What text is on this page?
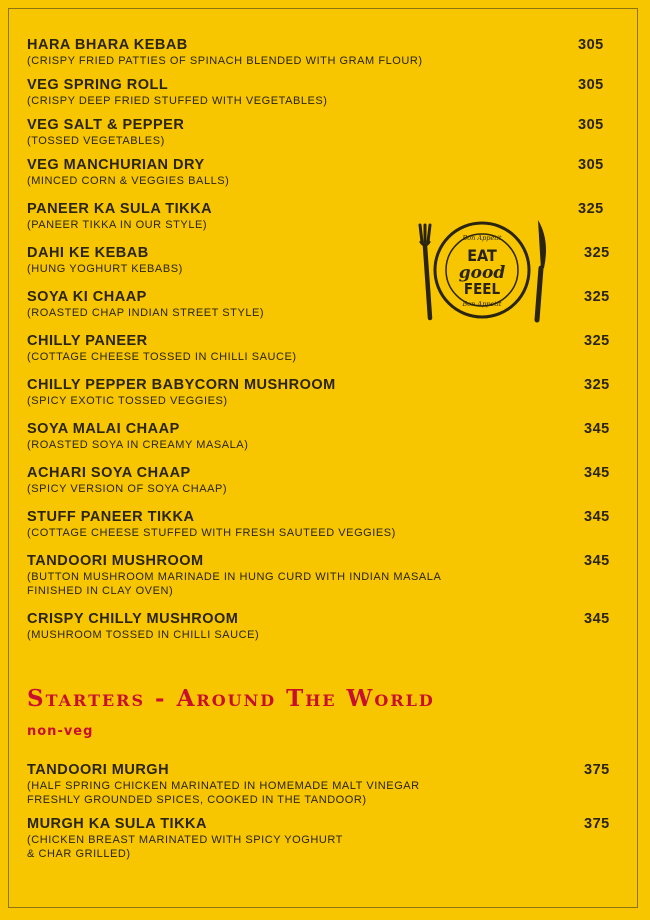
HARA BHARA KEBAB
(CRISPY FRIED PATTIES OF SPINACH BLENDED WITH GRAM FLOUR)
305
VEG SPRING ROLL
(CRISPY DEEP FRIED STUFFED WITH VEGETABLES)
305
VEG SALT & PEPPER
(TOSSED VEGETABLES)
305
VEG MANCHURIAN DRY
(MINCED CORN & VEGGIES BALLS)
305
PANEER KA SULA TIKKA
(PANEER TIKKA IN OUR STYLE)
325
DAHI KE KEBAB
(HUNG YOGHURT KEBABS)
325
SOYA KI CHAAP
(ROASTED CHAP INDIAN STREET STYLE)
325
CHILLY PANEER
(COTTAGE CHEESE TOSSED IN CHILLI SAUCE)
325
CHILLY PEPPER BABYCORN MUSHROOM
(SPICY EXOTIC TOSSED VEGGIES)
325
SOYA MALAI CHAAP
(ROASTED SOYA IN CREAMY MASALA)
345
ACHARI SOYA CHAAP
(SPICY VERSION OF SOYA CHAAP)
345
STUFF PANEER TIKKA
(COTTAGE CHEESE STUFFED WITH FRESH SAUTEED VEGGIES)
345
TANDOORI MUSHROOM
(BUTTON MUSHROOM MARINADE IN HUNG CURD WITH INDIAN MASALA
FINISHED IN CLAY OVEN)
345
CRISPY CHILLY MUSHROOM
(MUSHROOM TOSSED IN CHILLI SAUCE)
345
Starters - Around The World
non-veg
TANDOORI MURGH
(HALF SPRING CHICKEN MARINATED IN HOMEMADE MALT VINEGAR
FRESHLY GROUNDED SPICES, COOKED IN THE TANDOOR)
375
MURGH KA SULA TIKKA
(CHICKEN BREAST MARINATED WITH SPICY YOGHURT
& CHAR GRILLED)
375
Bon Appetit
EAT
good
FEEL
Bon Appetit
